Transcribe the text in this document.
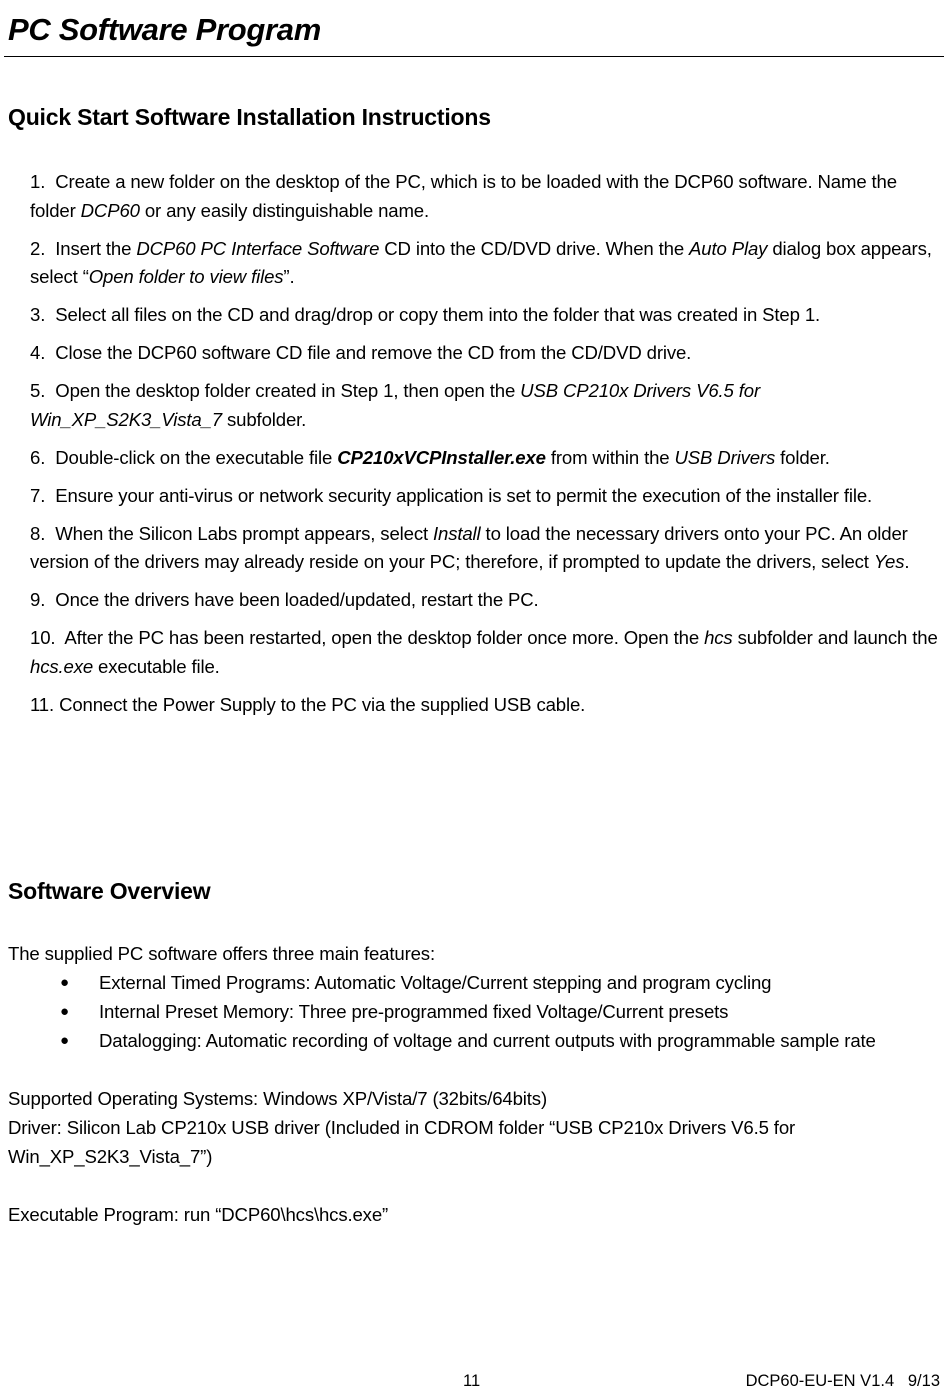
PC Software Program
Quick Start Software Installation Instructions

1. Create a new folder on the desktop of the PC, which is to be loaded with the DCP60 software. Name the folder DCP60 or any easily distinguishable name.

2. Insert the DCP60 PC Interface Software CD into the CD/DVD drive. When the Auto Play dialog box appears, select “Open folder to view files”.

3. Select all files on the CD and drag/drop or copy them into the folder that was created in Step 1.

4. Close the DCP60 software CD file and remove the CD from the CD/DVD drive.

5. Open the desktop folder created in Step 1, then open the USB CP210x Drivers V6.5 for Win_XP_S2K3_Vista_7 subfolder.

6. Double-click on the executable file CP210xVCPInstaller.exe from within the USB Drivers folder.

7. Ensure your anti-virus or network security application is set to permit the execution of the installer file.

8. When the Silicon Labs prompt appears, select Install to load the necessary drivers onto your PC. An older version of the drivers may already reside on your PC; therefore, if prompted to update the drivers, select Yes.

9. Once the drivers have been loaded/updated, restart the PC.

10. After the PC has been restarted, open the desktop folder once more. Open the hcs subfolder and launch the hcs.exe executable file.

11. Connect the Power Supply to the PC via the supplied USB cable.

Software Overview
The supplied PC software offers three main features:
● External Timed Programs: Automatic Voltage/Current stepping and program cycling
● Internal Preset Memory: Three pre-programmed fixed Voltage/Current presets
● Datalogging: Automatic recording of voltage and current outputs with programmable sample rate
Supported Operating Systems: Windows XP/Vista/7 (32bits/64bits)
Driver: Silicon Lab CP210x USB driver (Included in CDROM folder “USB CP210x Drivers V6.5 for Win_XP_S2K3_Vista_7”)
Executable Program: run “DCP60\hcs\hcs.exe”
11	DCP60-EU-EN V1.4   9/13
